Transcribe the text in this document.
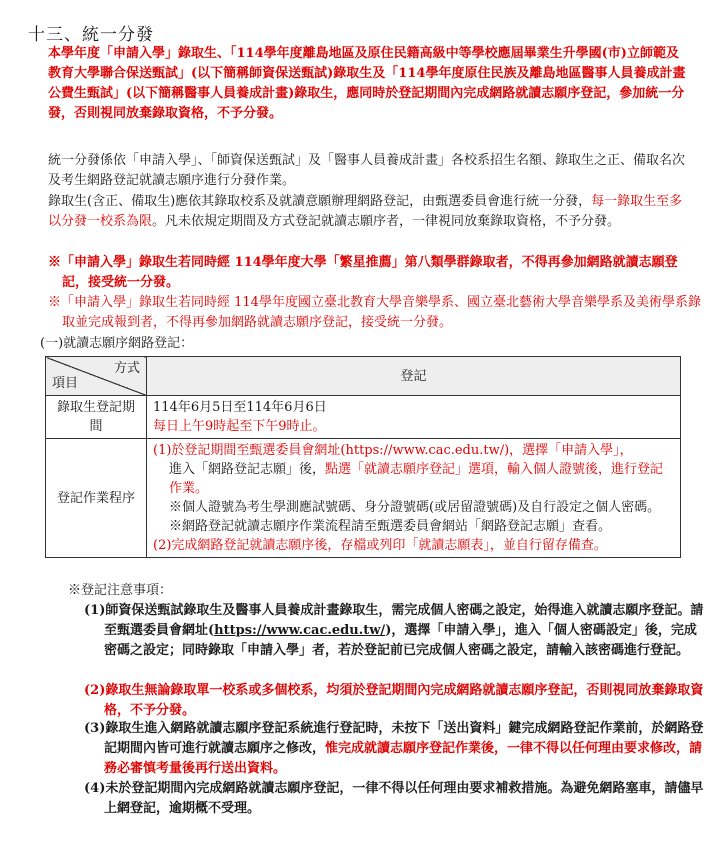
十三、統一分發
本學年度「申請入學」錄取生、「114學年度離島地區及原住民籍高級中等學校應屆畢業生升學國(市)立師範及教育大學聯合保送甄試」(以下簡稱師資保送甄試)錄取生及「114學年度原住民族及離島地區醫事人員養成計畫公費生甄試」(以下簡稱醫事人員養成計畫)錄取生，應同時於登記期間內完成網路就讀志願序登記，參加統一分發，否則視同放棄錄取資格，不予分發。
統一分發係依「申請入學」、「師資保送甄試」及「醫事人員養成計畫」各校系招生名額、錄取生之正、備取名次及考生網路登記就讀志願序進行分發作業。
錄取生(含正、備取生)應依其錄取校系及就讀意願辦理網路登記，由甄選委員會進行統一分發，每一錄取生至多以分發一校系為限。凡未依規定期間及方式登記就讀志願序者，一律視同放棄錄取資格，不予分發。
※「申請入學」錄取生若同時經 114學年度大學「繁星推薦」第八類學群錄取者，不得再參加網路就讀志願登記，接受統一分發。
※「申請入學」錄取生若同時經 114學年度國立臺北教育大學音樂學系、國立臺北藝術大學音樂學系及美術學系錄取並完成報到者，不得再參加網路就讀志願序登記，接受統一分發。
(一)就讀志願序網路登記：
方式
項目	登記
錄取生登記期間	114年6月5日至114年6月6日
每日上午9時起至下午9時止。

登記作業程序	(1)於登記期間至甄選委員會網址(https://www.cac.edu.tw/)，選擇「申請入學」，
進入「網路登記志願」後，點選「就讀志願序登記」選項，輸入個人證號後，進行登記作業。
※個人證號為考生學測應試號碼、身分證號碼(或居留證號碼)及自行設定之個人密碼。
※網路登記就讀志願序作業流程請至甄選委員會網站「網路登記志願」查看。
(2)完成網路登記就讀志願序後，存檔或列印「就讀志願表」，並自行留存備查。
※登記注意事項：
(1)師資保送甄試錄取生及醫事人員養成計畫錄取生，需完成個人密碼之設定，始得進入就讀志願序登記。請至甄選委員會網址(https://www.cac.edu.tw/)，選擇「申請入學」，進入「個人密碼設定」後，完成密碼之設定；同時錄取「申請入學」者，若於登記前已完成個人密碼之設定，請輸入該密碼進行登記。
(2)錄取生無論錄取單一校系或多個校系，均須於登記期間內完成網路就讀志願序登記，否則視同放棄錄取資格，不予分發。
(3)錄取生進入網路就讀志願序登記系統進行登記時，未按下「送出資料」鍵完成網路登記作業前，於網路登記期間內皆可進行就讀志願序之修改，惟完成就讀志願序登記作業後，一律不得以任何理由要求修改，請務必審慎考量後再行送出資料。
(4)未於登記期間內完成網路就讀志願序登記，一律不得以任何理由要求補救措施。為避免網路塞車，請儘早上網登記，逾期概不受理。
